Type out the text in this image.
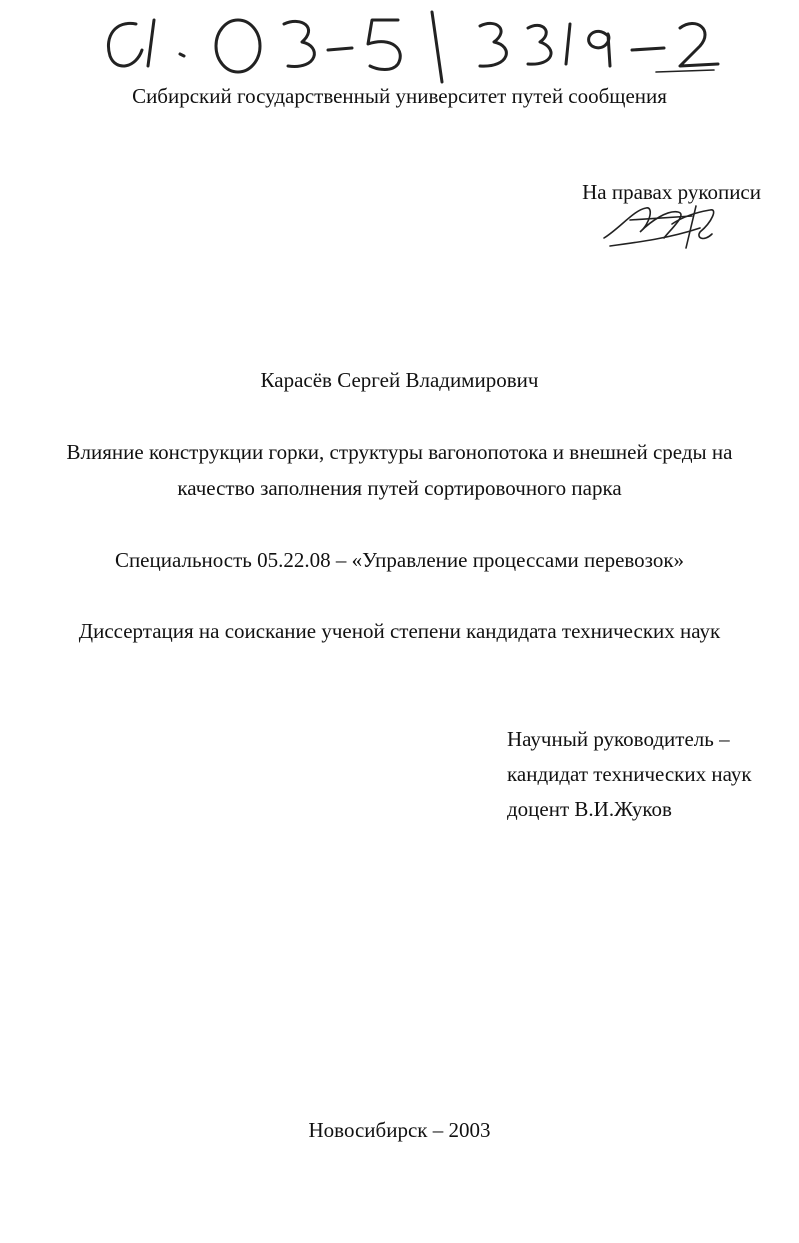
Сибирский государственный университет путей сообщения
На правах рукописи
Карасёв Сергей Владимирович
Влияние конструкции горки, структуры вагонопотока и внешней среды на
качество заполнения путей сортировочного парка
Специальность 05.22.08 – «Управление процессами перевозок»
Диссертация на соискание ученой степени кандидата технических наук
Научный руководитель –
кандидат технических наук
доцент В.И.Жуков
Новосибирск – 2003
